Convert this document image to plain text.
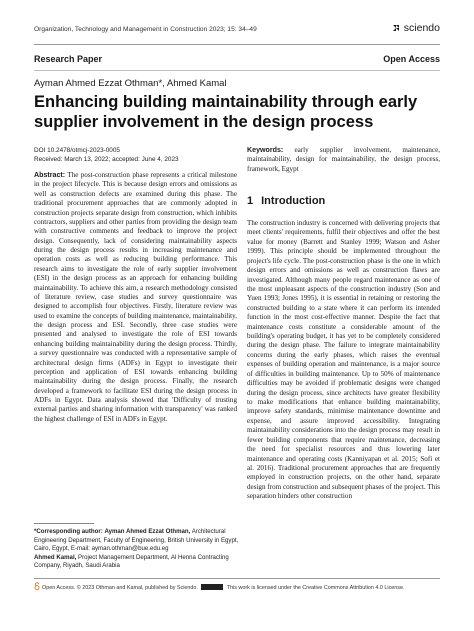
Organization, Technology and Management in Construction 2023; 15: 34–49	sciendo
Research Paper	Open Access
Ayman Ahmed Ezzat Othman*, Ahmed Kamal
Enhancing building maintainability through early supplier involvement in the design process
DOI 10.2478/otmcj-2023-0005
Received: March 13, 2022; accepted: June 4, 2023
Abstract: The post-construction phase represents a critical milestone in the project lifecycle. This is because design errors and omissions as well as construction defects are examined during this phase. The traditional procurement approaches that are commonly adopted in construction projects separate design from construction, which inhibits contractors, suppliers and other parties from providing the design team with constructive comments and feedback to improve the project design. Consequently, lack of considering maintainability aspects during the design process results in increasing maintenance and operation costs as well as reducing building performance. This research aims to investigate the role of early supplier involvement (ESI) in the design process as an approach for enhancing building maintainability. To achieve this aim, a research methodology consisted of literature review, case studies and survey questionnaire was designed to accomplish four objectives. Firstly, literature review was used to examine the concepts of building maintenance, maintainability, the design process and ESI. Secondly, three case studies were presented and analysed to investigate the role of ESI towards enhancing building maintainability during the design process. Thirdly, a survey questionnaire was conducted with a representative sample of architectural design firms (ADFs) in Egypt to investigate their perception and application of ESI towards enhancing building maintainability during the design process. Finally, the research developed a framework to facilitate ESI during the design process in ADFs in Egypt. Data analysis showed that 'Difficulty of trusting external parties and sharing information with transparency' was ranked the highest challenge of ESI in ADFs in Egypt.
Keywords: early supplier involvement, maintenance, maintainability, design for maintainability, the design process, framework, Egypt
1 Introduction
The construction industry is concerned with delivering projects that meet clients' requirements, fulfil their objectives and offer the best value for money (Barrett and Stanley 1999; Watson and Asher 1999). This principle should be implemented throughout the project's life cycle. The post-construction phase is the one in which design errors and omissions as well as construction flaws are investigated. Although many people regard maintenance as one of the most unpleasant aspects of the construction industry (Son and Yuen 1993; Jones 1995), it is essential in retaining or restoring the constructed building to a state where it can perform its intended function in the most cost-effective manner. Despite the fact that maintenance costs constitute a considerable amount of the building's operating budget, it has yet to be completely considered during the design phase. The failure to integrate maintainability concerns during the early phases, which raises the eventual expenses of building operation and maintenance, is a major source of difficulties in building maintenance. Up to 50% of maintenance difficulties may be avoided if problematic designs were changed during the design process, since architects have greater flexibility to make modifications that enhance building maintainability, improve safety standards, minimise maintenance downtime and expense, and assure improved accessibility. Integrating maintainability considerations into the design process may result in fewer building components that require maintenance, decreasing the need for specialist resources and thus lowering later maintenance and operating costs (Kanniyapan et al. 2015; Sofi et al. 2016). Traditional procurement approaches that are frequently employed in construction projects, on the other hand, separate design from construction and subsequent phases of the project. This separation hinders other construction
*Corresponding author: Ayman Ahmed Ezzat Othman, Architectural Engineering Department, Faculty of Engineering, British University in Egypt, Cairo, Egypt, E-mail: ayman.othman@bue.edu.eg
Ahmed Kamal, Project Management Department, Al Henna Contracting Company, Riyadh, Saudi Arabia
Open Access. © 2023 Othman and Kamal, published by Sciendo.	This work is licensed under the Creative Commons Attribution 4.0 License.
